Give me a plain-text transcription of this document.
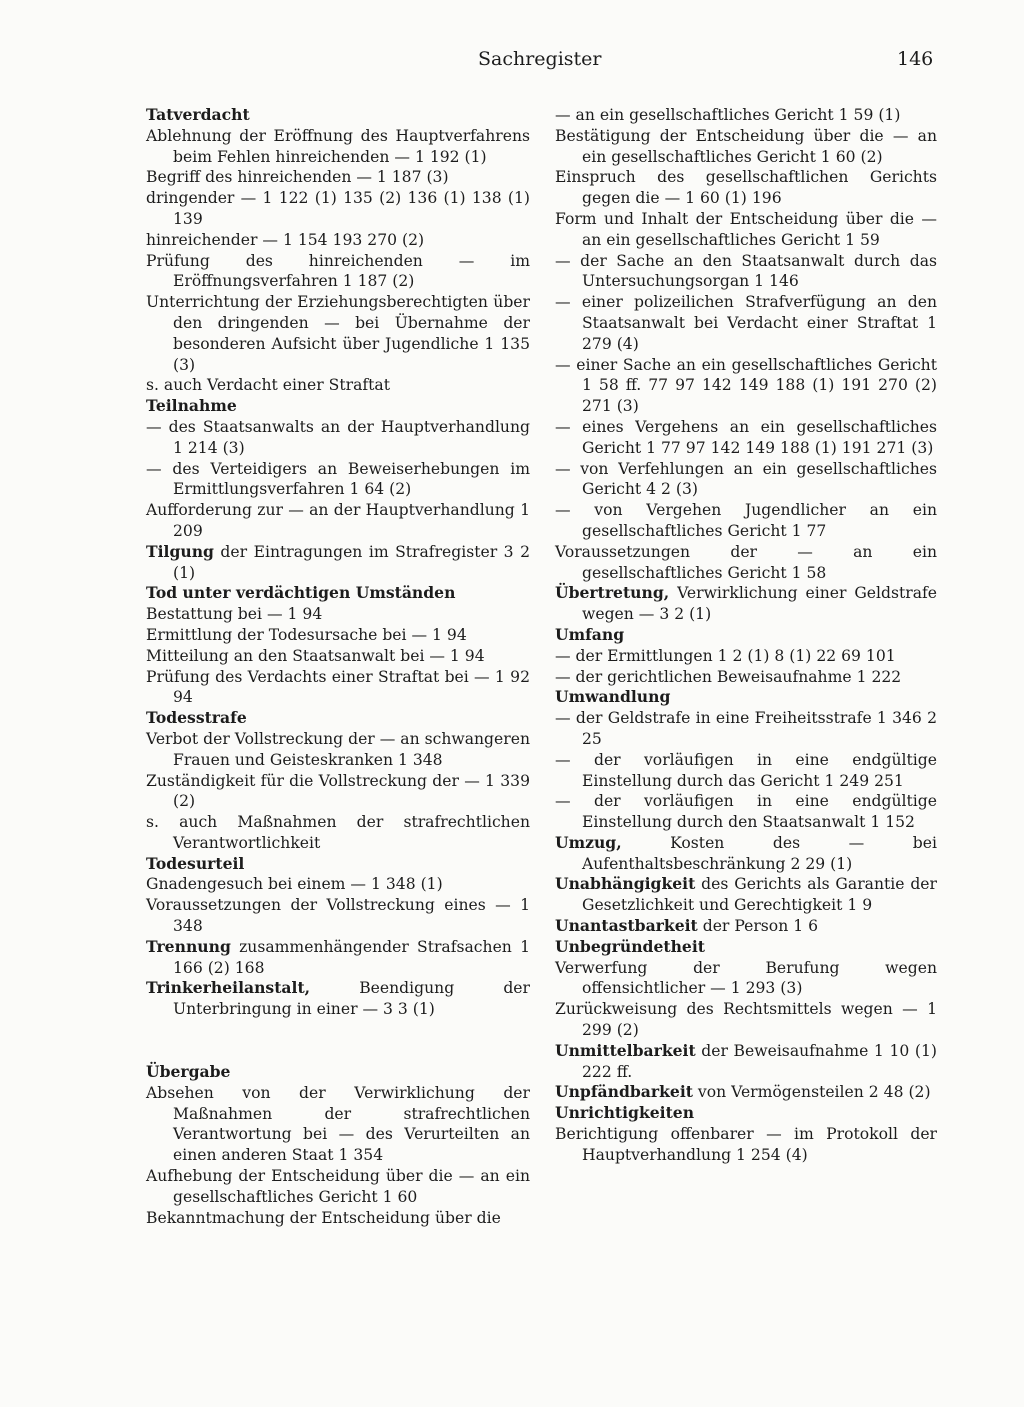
Sachregister	146
Tatverdacht
Ablehnung der Eröffnung des Hauptverfahrens beim Fehlen hinreichenden — 1 192 (1)
Begriff des hinreichenden — 1 187 (3)
dringender — 1 122 (1) 135 (2) 136 (1) 138 (1) 139
hinreichender — 1 154 193 270 (2)
Prüfung des hinreichenden — im Eröffnungsverfahren 1 187 (2)
Unterrichtung der Erziehungsberechtigten über den dringenden — bei Übernahme der besonderen Aufsicht über Jugendliche 1 135 (3)
s. auch Verdacht einer Straftat
Teilnahme
— des Staatsanwalts an der Hauptverhandlung 1 214 (3)
— des Verteidigers an Beweiserhebungen im Ermittlungsverfahren 1 64 (2)
Aufforderung zur — an der Hauptverhandlung 1 209
Tilgung der Eintragungen im Strafregister 3 2 (1)
Tod unter verdächtigen Umständen
Bestattung bei — 1 94
Ermittlung der Todesursache bei — 1 94
Mitteilung an den Staatsanwalt bei — 1 94
Prüfung des Verdachts einer Straftat bei — 1 92 94
Todesstrafe
Verbot der Vollstreckung der — an schwangeren Frauen und Geisteskranken 1 348
Zuständigkeit für die Vollstreckung der — 1 339 (2)
s. auch Maßnahmen der strafrechtlichen Verantwortlichkeit
Todesurteil
Gnadengesuch bei einem — 1 348 (1)
Voraussetzungen der Vollstreckung eines — 1 348
Trennung zusammenhängender Strafsachen 1 166 (2) 168
Trinkerheilanstalt, Beendigung der Unterbringung in einer — 3 3 (1)
Übergabe
Absehen von der Verwirklichung der Maßnahmen der strafrechtlichen Verantwortung bei — des Verurteilten an einen anderen Staat 1 354
Aufhebung der Entscheidung über die — an ein gesellschaftliches Gericht 1 60
Bekanntmachung der Entscheidung über die
— an ein gesellschaftliches Gericht 1 59 (1)
Bestätigung der Entscheidung über die — an ein gesellschaftliches Gericht 1 60 (2)
Einspruch des gesellschaftlichen Gerichts gegen die — 1 60 (1) 196
Form und Inhalt der Entscheidung über die — an ein gesellschaftliches Gericht 1 59
— der Sache an den Staatsanwalt durch das Untersuchungsorgan 1 146
— einer polizeilichen Strafverfügung an den Staatsanwalt bei Verdacht einer Straftat 1 279 (4)
— einer Sache an ein gesellschaftliches Gericht 1 58 ff. 77 97 142 149 188 (1) 191 270 (2) 271 (3)
— eines Vergehens an ein gesellschaftliches Gericht 1 77 97 142 149 188 (1) 191 271 (3)
— von Verfehlungen an ein gesellschaftliches Gericht 4 2 (3)
— von Vergehen Jugendlicher an ein gesellschaftliches Gericht 1 77
Voraussetzungen der — an ein gesellschaftliches Gericht 1 58
Übertretung, Verwirklichung einer Geldstrafe wegen — 3 2 (1)
Umfang
— der Ermittlungen 1 2 (1) 8 (1) 22 69 101
— der gerichtlichen Beweisaufnahme 1 222
Umwandlung
— der Geldstrafe in eine Freiheitsstrafe 1 346 2 25
— der vorläufigen in eine endgültige Einstellung durch das Gericht 1 249 251
— der vorläufigen in eine endgültige Einstellung durch den Staatsanwalt 1 152
Umzug, Kosten des — bei Aufenthaltsbeschränkung 2 29 (1)
Unabhängigkeit des Gerichts als Garantie der Gesetzlichkeit und Gerechtigkeit 1 9
Unantastbarkeit der Person 1 6
Unbegründetheit
Verwerfung der Berufung wegen offensichtlicher — 1 293 (3)
Zurückweisung des Rechtsmittels wegen — 1 299 (2)
Unmittelbarkeit der Beweisaufnahme 1 10 (1) 222 ff.
Unpfändbarkeit von Vermögensteilen 2 48 (2)
Unrichtigkeiten
Berichtigung offenbarer — im Protokoll der Hauptverhandlung 1 254 (4)
